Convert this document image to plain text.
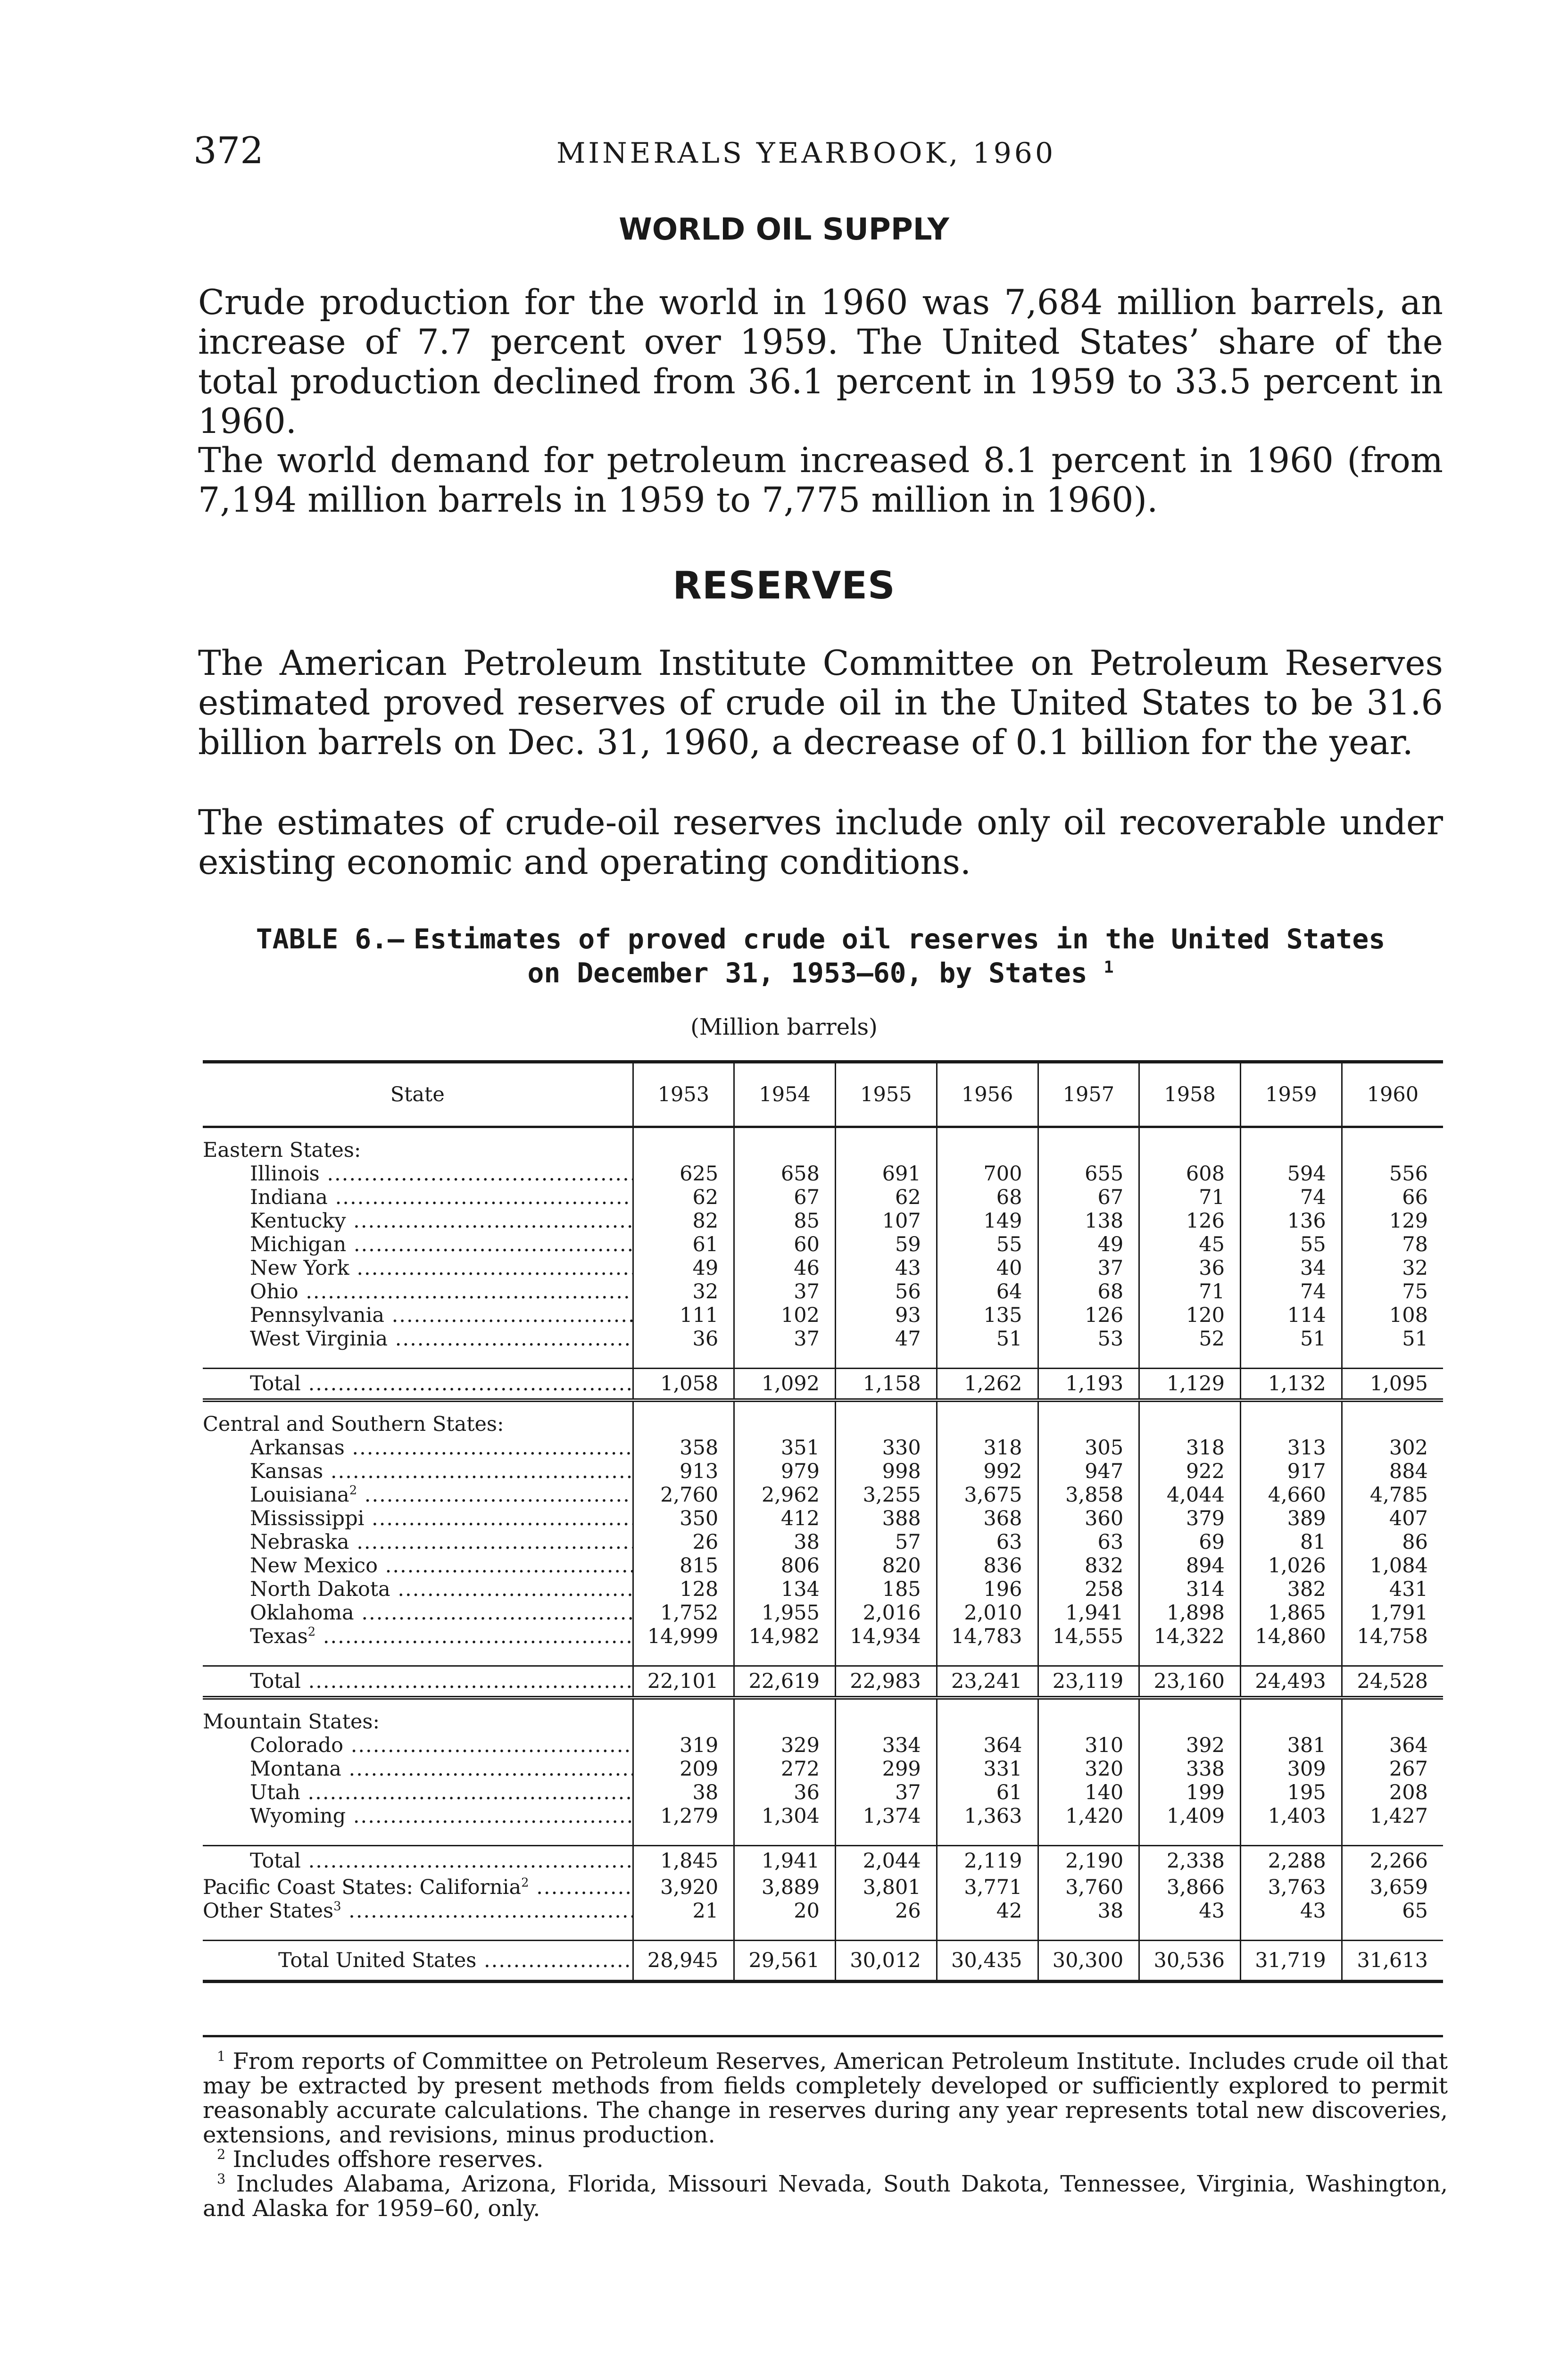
372	MINERALS YEARBOOK, 1960
WORLD OIL SUPPLY

Crude production for the world in 1960 was 7,684 million barrels, an increase of 7.7 percent over 1959. The United States’ share of the total production declined from 36.1 percent in 1959 to 33.5 percent in 1960.

The world demand for petroleum increased 8.1 percent in 1960 (from 7,194 million barrels in 1959 to 7,775 million in 1960).

RESERVES

The American Petroleum Institute Committee on Petroleum Reserves estimated proved reserves of crude oil in the United States to be 31.6 billion barrels on Dec. 31, 1960, a decrease of 0.1 billion for the year.

The estimates of crude-oil reserves include only oil recoverable under existing economic and operating conditions.

TABLE 6.— Estimates of proved crude oil reserves in the United States on December 31, 1953–60, by States $^1$

(Million barrels)
State	1953	1954	1955	1956	1957	1958	1959	1960
Eastern States:								

Illinois .....	625	658	691	700	655	608	594	556

Indiana .....	62	67	62	68	67	71	74	66

Kentucky .....	82	85	107	149	138	126	136	129

Michigan .....	61	60	59	55	49	45	55	78

New York .....	49	46	43	40	37	36	34	32

Ohio .....	32	37	56	64	68	71	74	75

Pennsylvania .....	111	102	93	135	126	120	114	108

West Virginia .....	36	37	47	51	53	52	51	51

Total .....	1,058	1,092	1,158	1,262	1,193	1,129	1,132	1,095
Central and Southern States:								

Arkansas .....	358	351	330	318	305	318	313	302

Kansas .....	913	979	998	992	947	922	917	884

Louisiana$^2$ .....	2,760	2,962	3,255	3,675	3,858	4,044	4,660	4,785

Mississippi .....	350	412	388	368	360	379	389	407

Nebraska .....	26	38	57	63	63	69	81	86

New Mexico .....	815	806	820	836	832	894	1,026	1,084

North Dakota .....	128	134	185	196	258	314	382	431

Oklahoma .....	1,752	1,955	2,016	2,010	1,941	1,898	1,865	1,791

Texas$^2$ .....	14,999	14,982	14,934	14,783	14,555	14,322	14,860	14,758

Total .....	22,101	22,619	22,983	23,241	23,119	23,160	24,493	24,528
Mountain States:								

Colorado .....	319	329	334	364	310	392	381	364

Montana .....	209	272	299	331	320	338	309	267

Utah .....	38	36	37	61	140	199	195	208

Wyoming .....	1,279	1,304	1,374	1,363	1,420	1,409	1,403	1,427

Total .....	1,845	1,941	2,044	2,119	2,190	2,338	2,288	2,266

Pacific Coast States: California$^2$ .....	3,920	3,889	3,801	3,771	3,760	3,866	3,763	3,659

Other States$^3$ .....	21	20	26	42	38	43	43	65

Total United States .....	28,945	29,561	30,012	30,435	30,300	30,536	31,719	31,613

$^1$ From reports of Committee on Petroleum Reserves, American Petroleum Institute. Includes crude oil that may be extracted by present methods from fields completely developed or sufficiently explored to permit reasonably accurate calculations. The change in reserves during any year represents total new discoveries, extensions, and revisions, minus production.

$^2$ Includes offshore reserves.

$^3$ Includes Alabama, Arizona, Florida, Missouri Nevada, South Dakota, Tennessee, Virginia, Washington, and Alaska for 1959–60, only.
